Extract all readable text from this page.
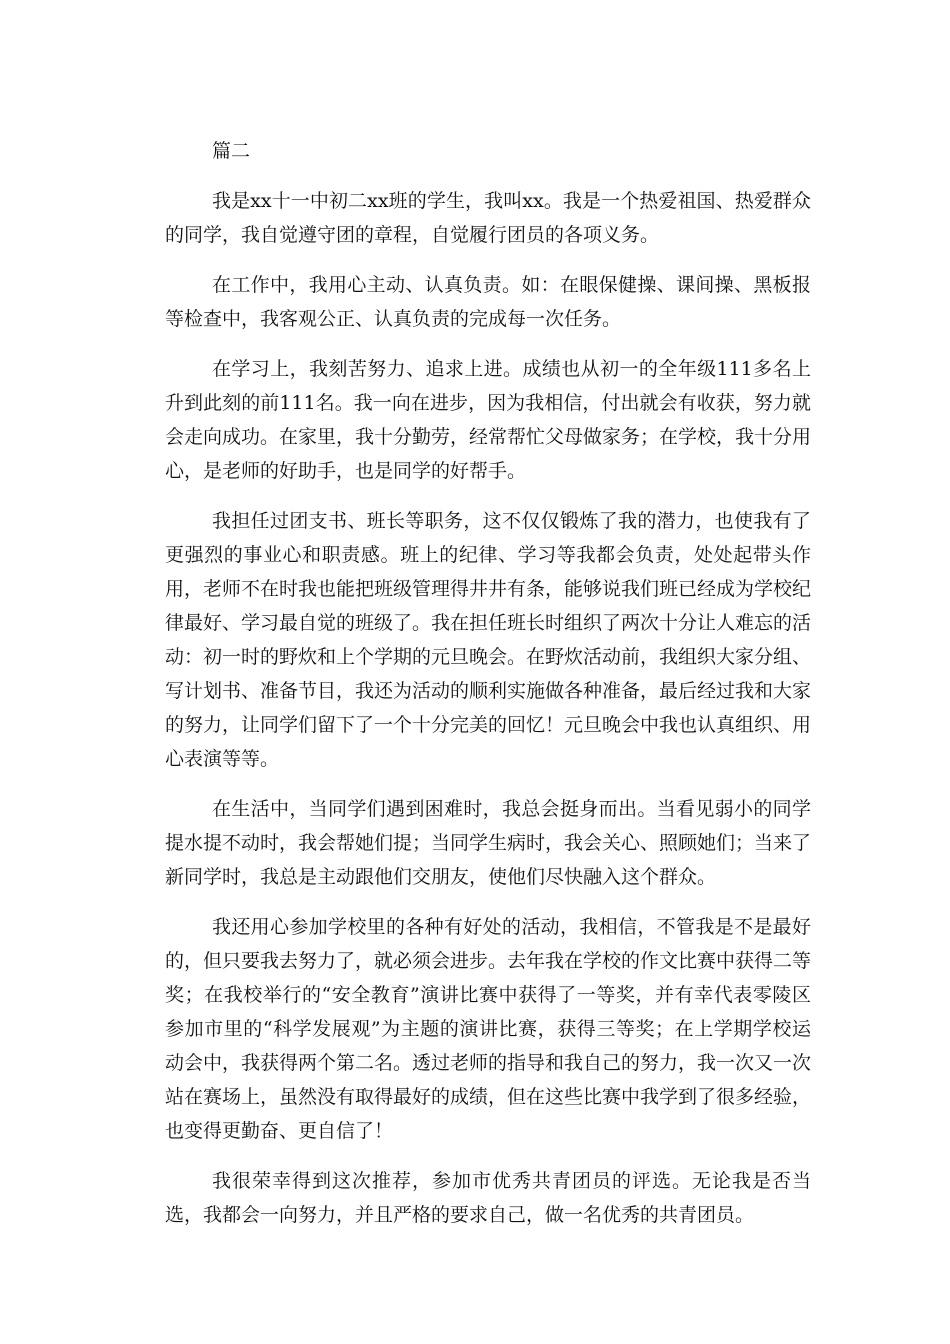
篇二

我是xx十一中初二xx班的学生，我叫xx。我是一个热爱祖国、热爱群众的同学，我自觉遵守团的章程，自觉履行团员的各项义务。

在工作中，我用心主动、认真负责。如：在眼保健操、课间操、黑板报等检查中，我客观公正、认真负责的完成每一次任务。

在学习上，我刻苦努力、追求上进。成绩也从初一的全年级111多名上升到此刻的前111名。我一向在进步，因为我相信，付出就会有收获，努力就会走向成功。在家里，我十分勤劳，经常帮忙父母做家务；在学校，我十分用心，是老师的好助手，也是同学的好帮手。

我担任过团支书、班长等职务，这不仅仅锻炼了我的潜力，也使我有了更强烈的事业心和职责感。班上的纪律、学习等我都会负责，处处起带头作用，老师不在时我也能把班级管理得井井有条，能够说我们班已经成为学校纪律最好、学习最自觉的班级了。我在担任班长时组织了两次十分让人难忘的活动：初一时的野炊和上个学期的元旦晚会。在野炊活动前，我组织大家分组、写计划书、准备节目，我还为活动的顺利实施做各种准备，最后经过我和大家的努力，让同学们留下了一个十分完美的回忆！元旦晚会中我也认真组织、用心表演等等。

在生活中，当同学们遇到困难时，我总会挺身而出。当看见弱小的同学提水提不动时，我会帮她们提；当同学生病时，我会关心、照顾她们；当来了新同学时，我总是主动跟他们交朋友，使他们尽快融入这个群众。

我还用心参加学校里的各种有好处的活动，我相信，不管我是不是最好的，但只要我去努力了，就必须会进步。去年我在学校的作文比赛中获得二等奖；在我校举行的“安全教育”演讲比赛中获得了一等奖，并有幸代表零陵区参加市里的“科学发展观”为主题的演讲比赛，获得三等奖；在上学期学校运动会中，我获得两个第二名。透过老师的指导和我自己的努力，我一次又一次站在赛场上，虽然没有取得最好的成绩，但在这些比赛中我学到了很多经验，也变得更勤奋、更自信了！

我很荣幸得到这次推荐，参加市优秀共青团员的评选。无论我是否当选，我都会一向努力，并且严格的要求自己，做一名优秀的共青团员。
